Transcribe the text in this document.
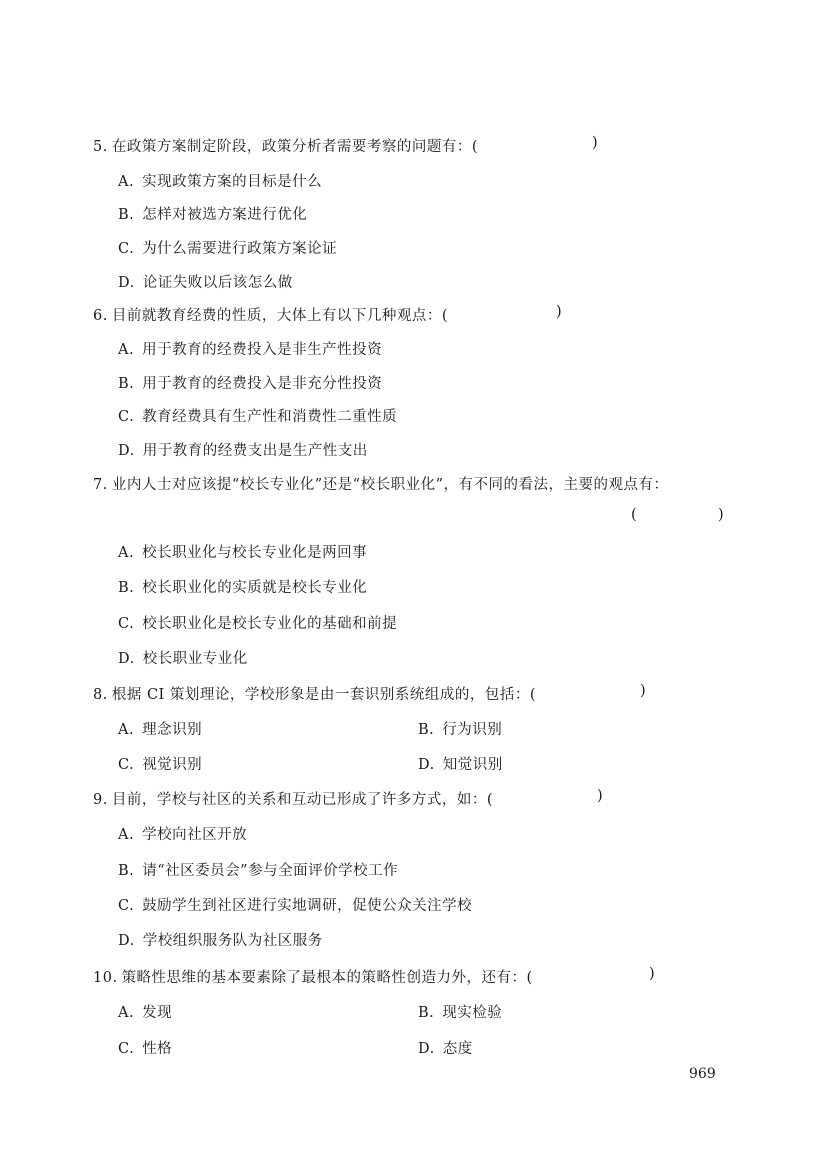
5. 在政策方案制定阶段，政策分析者需要考察的问题有：(	)
A. 实现政策方案的目标是什么
B. 怎样对被选方案进行优化
C. 为什么需要进行政策方案论证
D. 论证失败以后该怎么做
6. 目前就教育经费的性质，大体上有以下几种观点：(	)
A. 用于教育的经费投入是非生产性投资
B. 用于教育的经费投入是非充分性投资
C. 教育经费具有生产性和消费性二重性质
D. 用于教育的经费支出是生产性支出
7. 业内人士对应该提“校长专业化”还是“校长职业化”，有不同的看法，主要的观点有：
(	)
A. 校长职业化与校长专业化是两回事
B. 校长职业化的实质就是校长专业化
C. 校长职业化是校长专业化的基础和前提
D. 校长职业专业化
8. 根据 CI 策划理论，学校形象是由一套识别系统组成的，包括：(	)
A. 理念识别	B. 行为识别
C. 视觉识别	D. 知觉识别
9. 目前，学校与社区的关系和互动已形成了许多方式，如：(	)
A. 学校向社区开放
B. 请“社区委员会”参与全面评价学校工作
C. 鼓励学生到社区进行实地调研，促使公众关注学校
D. 学校组织服务队为社区服务
10. 策略性思维的基本要素除了最根本的策略性创造力外，还有：(	)
A. 发现	B. 现实检验
C. 性格	D. 态度
969
